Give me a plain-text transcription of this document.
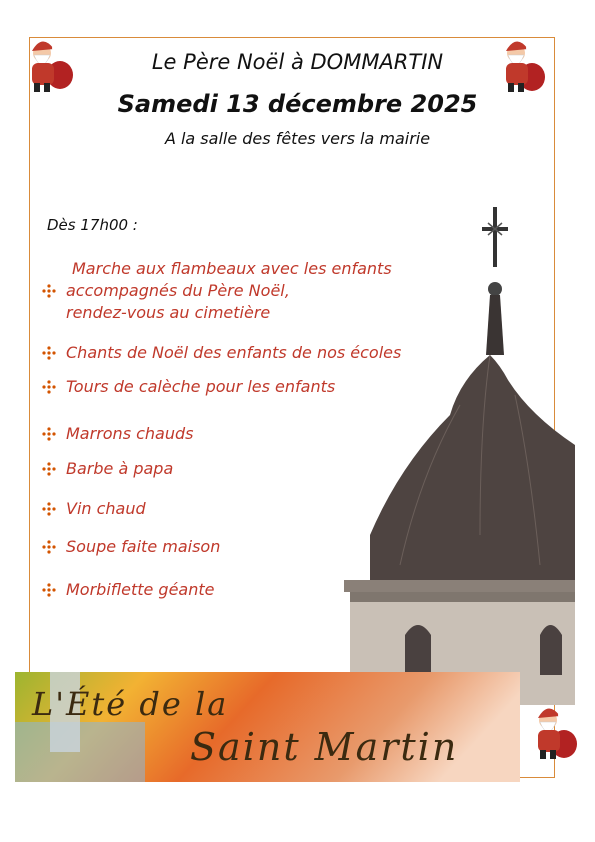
Le Père Noël à DOMMARTIN
Samedi 13 décembre 2025
A la salle des fêtes vers la mairie
Dès 17h00 :
Marche aux flambeaux avec les enfants
accompagnés du Père Noël,
rendez-vous au cimetière
Chants de Noël des enfants de nos écoles
Tours de calèche pour les enfants
Marrons chauds
Barbe à papa
Vin chaud
Soupe faite maison
Morbiflette géante
L'Été de la
Saint Martin
